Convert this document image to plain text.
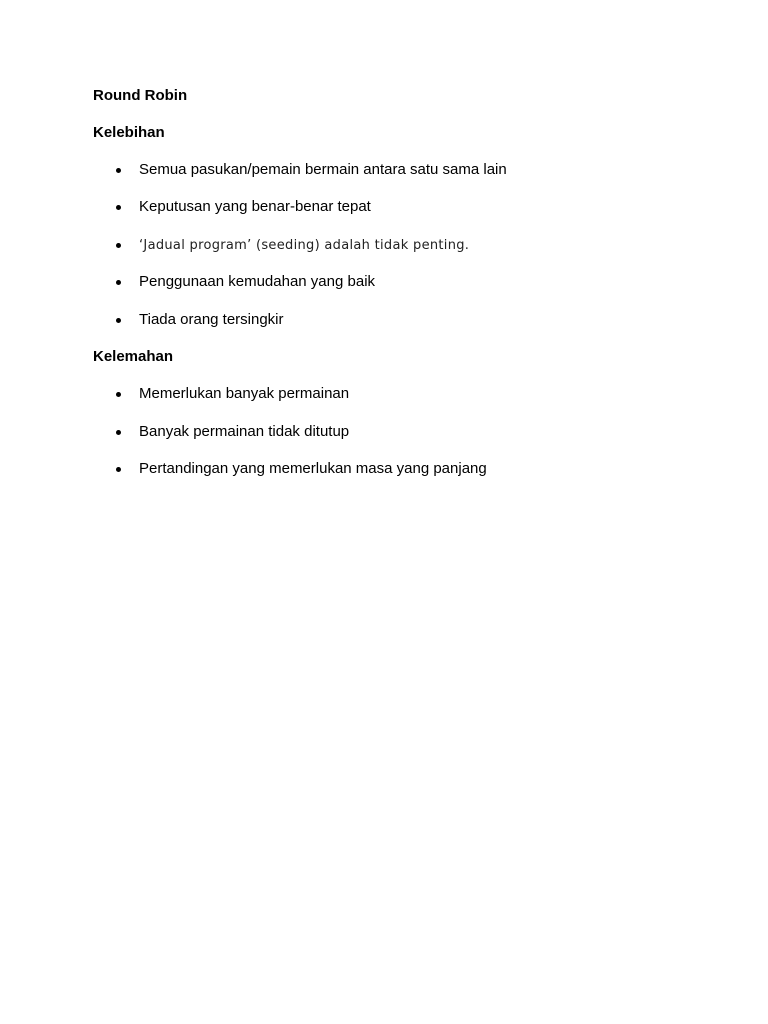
Round Robin
Kelebihan
Semua pasukan/pemain bermain antara satu sama lain
Keputusan yang benar-benar tepat
‘Jadual program’ (seeding) adalah tidak penting.
Penggunaan kemudahan yang baik
Tiada orang tersingkir
Kelemahan
Memerlukan banyak permainan
Banyak permainan tidak ditutup
Pertandingan yang memerlukan masa yang panjang
